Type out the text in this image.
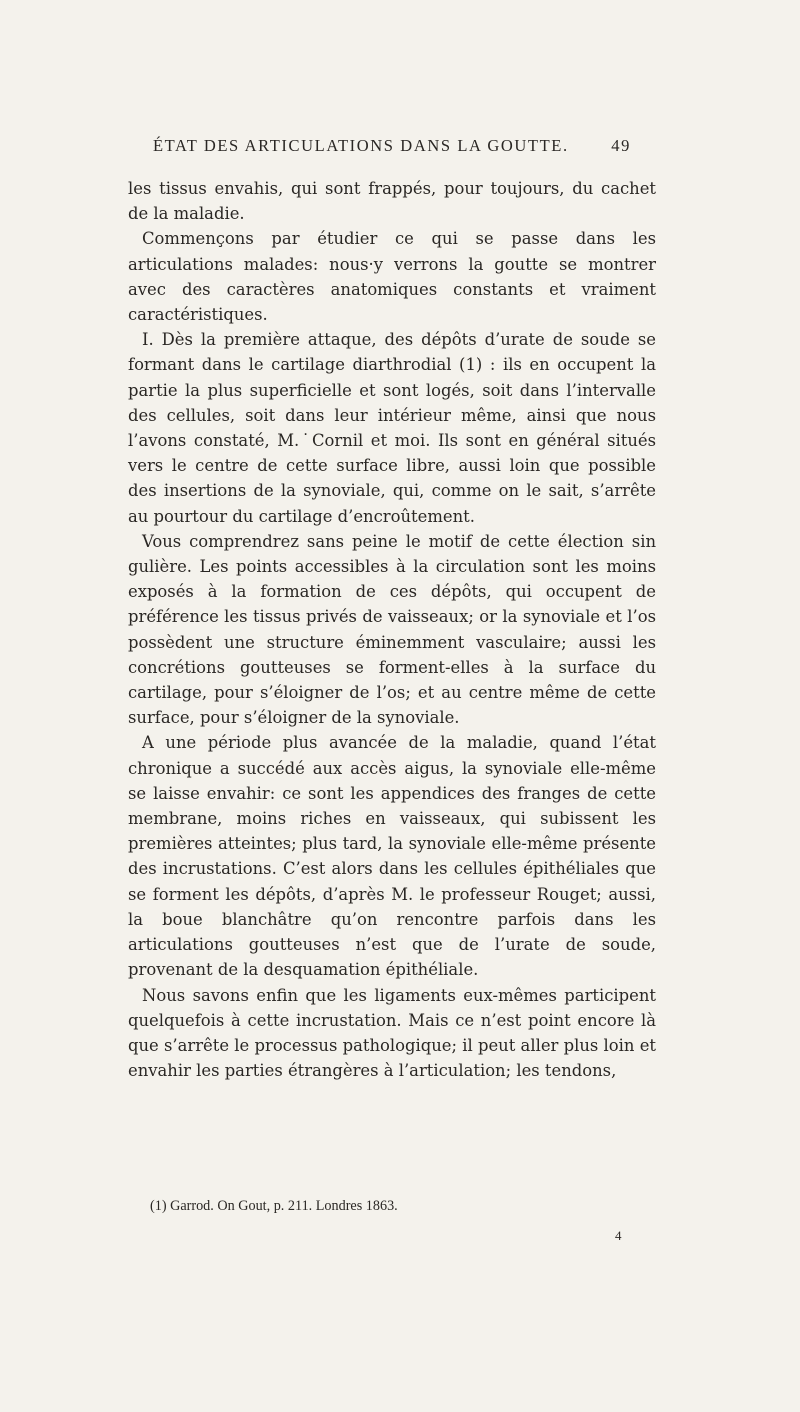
ÉTAT DES ARTICULATIONS DANS LA GOUTTE.	49

les tissus envahis, qui sont frappés, pour toujours, du cachet de la maladie.

Commençons par étudier ce qui se passe dans les articulations malades: nous·y verrons la goutte se montrer avec des caractères anatomiques constants et vraiment caractéristiques.

I. Dès la première attaque, des dépôts d’urate de soude se formant dans le cartilage diarthrodial (1) : ils en occupent la partie la plus superficielle et sont logés, soit dans l’intervalle des cellules, soit dans leur intérieur même, ainsi que nous l’avons constaté, M.˙Cornil et moi. Ils sont en général situés vers le centre de cette surface libre, aussi loin que possible des insertions de la synoviale, qui, comme on le sait, s’arrête au pourtour du cartilage d’encroûtement.

Vous comprendrez sans peine le motif de cette élection sin gulière. Les points accessibles à la circulation sont les moins exposés à la formation de ces dépôts, qui occupent de préférence les tissus privés de vaisseaux; or la synoviale et l’os possèdent une structure éminemment vasculaire; aussi les concrétions goutteuses se forment-elles à la surface du cartilage, pour s’éloigner de l’os; et au centre même de cette surface, pour s’éloigner de la synoviale.

A une période plus avancée de la maladie, quand l’état chronique a succédé aux accès aigus, la synoviale elle-même se laisse envahir: ce sont les appendices des franges de cette membrane, moins riches en vaisseaux, qui subissent les premières atteintes; plus tard, la synoviale elle-même présente des incrustations. C’est alors dans les cellules épithéliales que se forment les dépôts, d’après M. le professeur Rouget; aussi, la boue blanchâtre qu’on rencontre parfois dans les articulations goutteuses n’est que de l’urate de soude, provenant de la desquamation épithéliale.

Nous savons enfin que les ligaments eux-mêmes participent quelquefois à cette incrustation. Mais ce n’est point encore là que s’arrête le processus pathologique; il peut aller plus loin et envahir les parties étrangères à l’articulation; les tendons,

(1) Garrod. On Gout, p. 211. Londres 1863.
4
